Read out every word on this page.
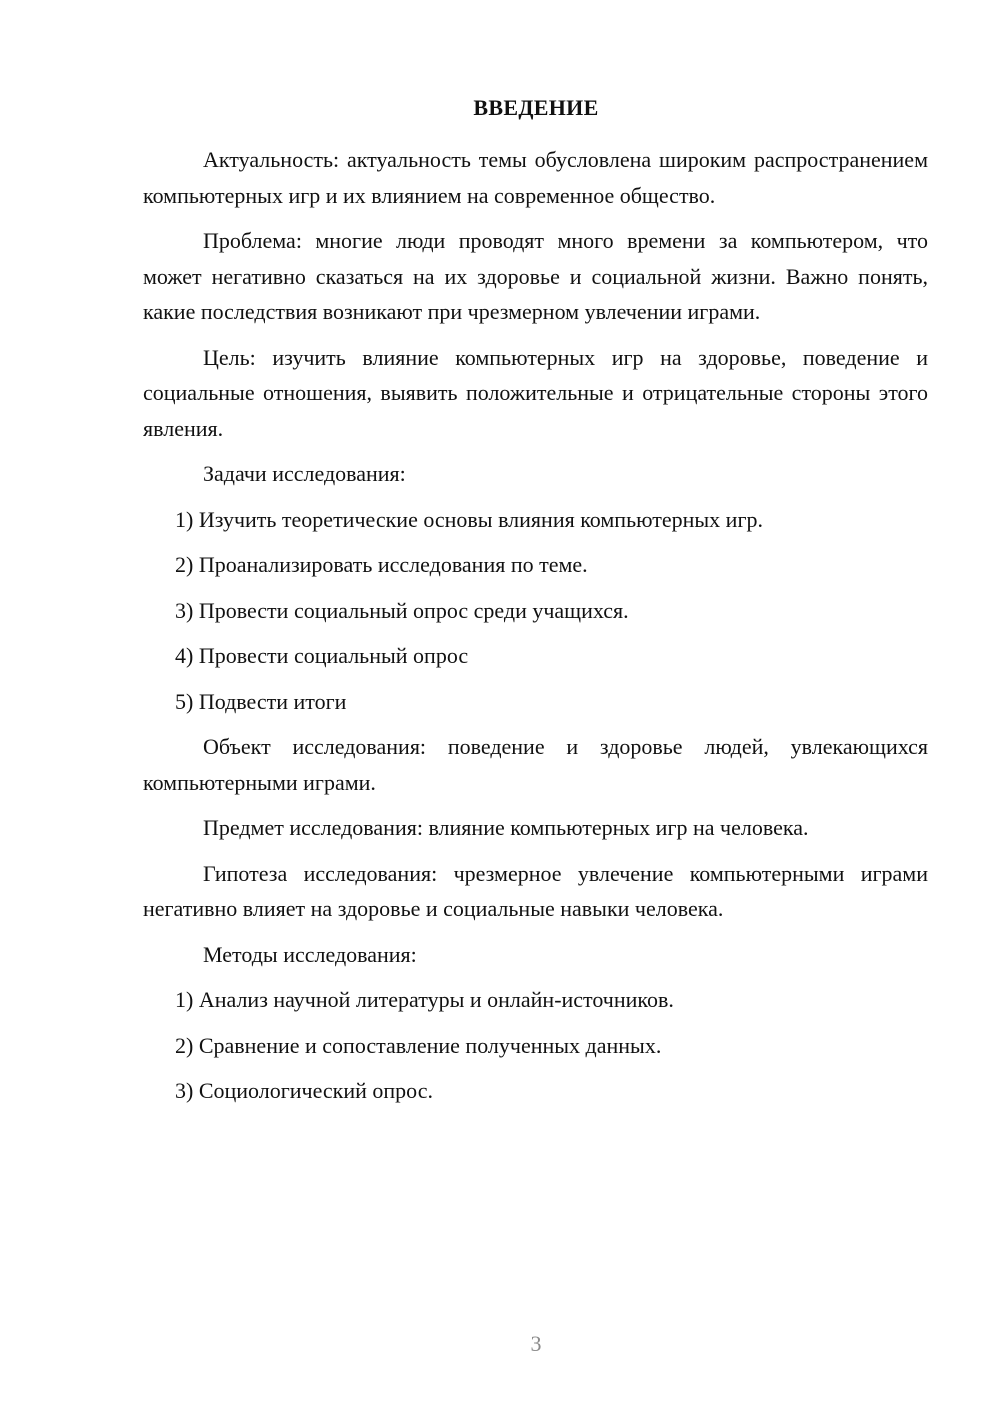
ВВЕДЕНИЕ

Актуальность: актуальность темы обусловлена широким распространением компьютерных игр и их влиянием на современное общество.

Проблема: многие люди проводят много времени за компьютером, что может негативно сказаться на их здоровье и социальной жизни. Важно понять, какие последствия возникают при чрезмерном увлечении играми.

Цель: изучить влияние компьютерных игр на здоровье, поведение и социальные отношения, выявить положительные и отрицательные стороны этого явления.

Задачи исследования:

1) Изучить теоретические основы влияния компьютерных игр.

2) Проанализировать исследования по теме.

3) Провести социальный опрос среди учащихся.

4) Провести социальный опрос

5) Подвести итоги

Объект исследования: поведение и здоровье людей, увлекающихся компьютерными играми.

Предмет исследования: влияние компьютерных игр на человека.

Гипотеза исследования: чрезмерное увлечение компьютерными играми негативно влияет на здоровье и социальные навыки человека.

Методы исследования:

1) Анализ научной литературы и онлайн-источников.

2) Сравнение и сопоставление полученных данных.

3) Социологический опрос.

3
